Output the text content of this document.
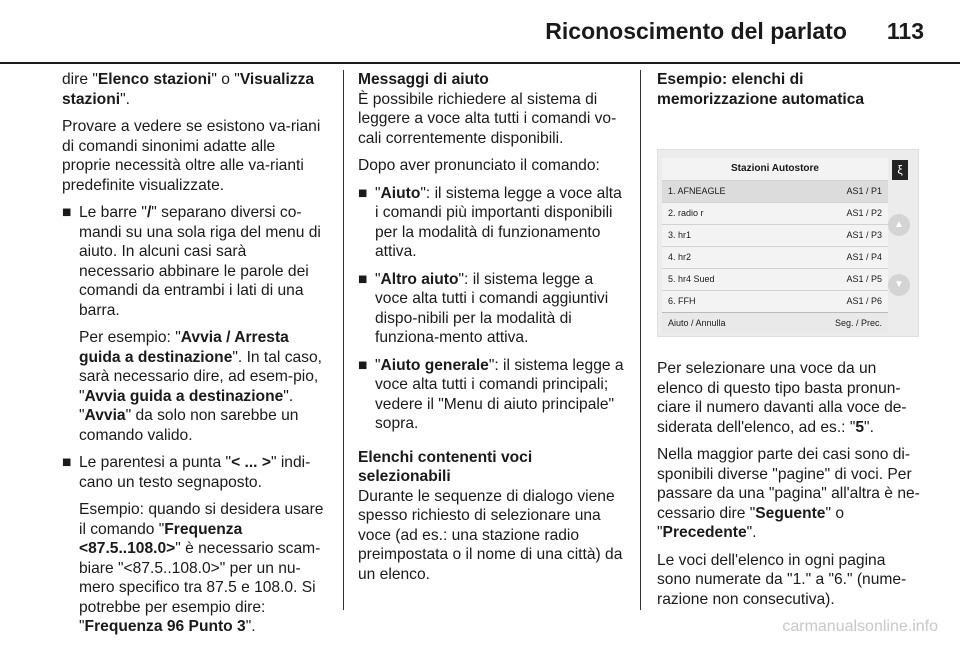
Riconoscimento del parlato 113

dire "Elenco stazioni" o "Visualizza stazioni".

Provare a vedere se esistono va-riani di comandi sinonimi adatte alle proprie necessità oltre alle va-rianti predefinite visualizzate.

■ Le barre "/" separano diversi co-mandi su una sola riga del menu di aiuto. In alcuni casi sarà necessario abbinare le parole dei comandi da entrambi i lati di una barra.

Per esempio: "Avvia / Arresta guida a destinazione". In tal caso, sarà necessario dire, ad esem-pio, "Avvia guida a destinazione". "Avvia" da solo non sarebbe un comando valido.

■ Le parentesi a punta "< ... >" indi-cano un testo segnaposto.

Esempio: quando si desidera usare il comando "Frequenza <87.5..108.0>" è necessario scam-biare "<87.5..108.0>" per un nu-mero specifico tra 87.5 e 108.0. Si potrebbe per esempio dire: "Frequenza 96 Punto 3".

Messaggi di aiuto

È possibile richiedere al sistema di leggere a voce alta tutti i comandi vo-cali correntemente disponibili.

Dopo aver pronunciato il comando:

■ "Aiuto": il sistema legge a voce alta i comandi più importanti disponibili per la modalità di funzionamento attiva.
■ "Altro aiuto": il sistema legge a voce alta tutti i comandi aggiuntivi dispo-nibili per la modalità di funziona-mento attiva.
■ "Aiuto generale": il sistema legge a voce alta tutti i comandi principali; vedere il "Menu di aiuto principale" sopra.

Elenchi contenenti voci selezionabili

Durante le sequenze di dialogo viene spesso richiesto di selezionare una voce (ad es.: una stazione radio preimpostata o il nome di una città) da un elenco.

Esempio: elenchi di memorizzazione automatica

Stazioni Autostore
1. AFNEAGLE	AS1 / P1
2. radio r	AS1 / P2
3. hr1	AS1 / P3
4. hr2	AS1 / P4
5. hr4 Sued	AS1 / P5
6. FFH	AS1 / P6
Aiuto / Annulla	Seg. / Prec.
ξ
▲
▼

Per selezionare una voce da un elenco di questo tipo basta pronun-ciare il numero davanti alla voce de-siderata dell'elenco, ad es.: "5".

Nella maggior parte dei casi sono di-sponibili diverse "pagine" di voci. Per passare da una "pagina" all'altra è ne-cessario dire "Seguente" o "Precedente".

Le voci dell'elenco in ogni pagina sono numerate da "1." a "6." (nume-razione non consecutiva).

carmanualsonline.info
